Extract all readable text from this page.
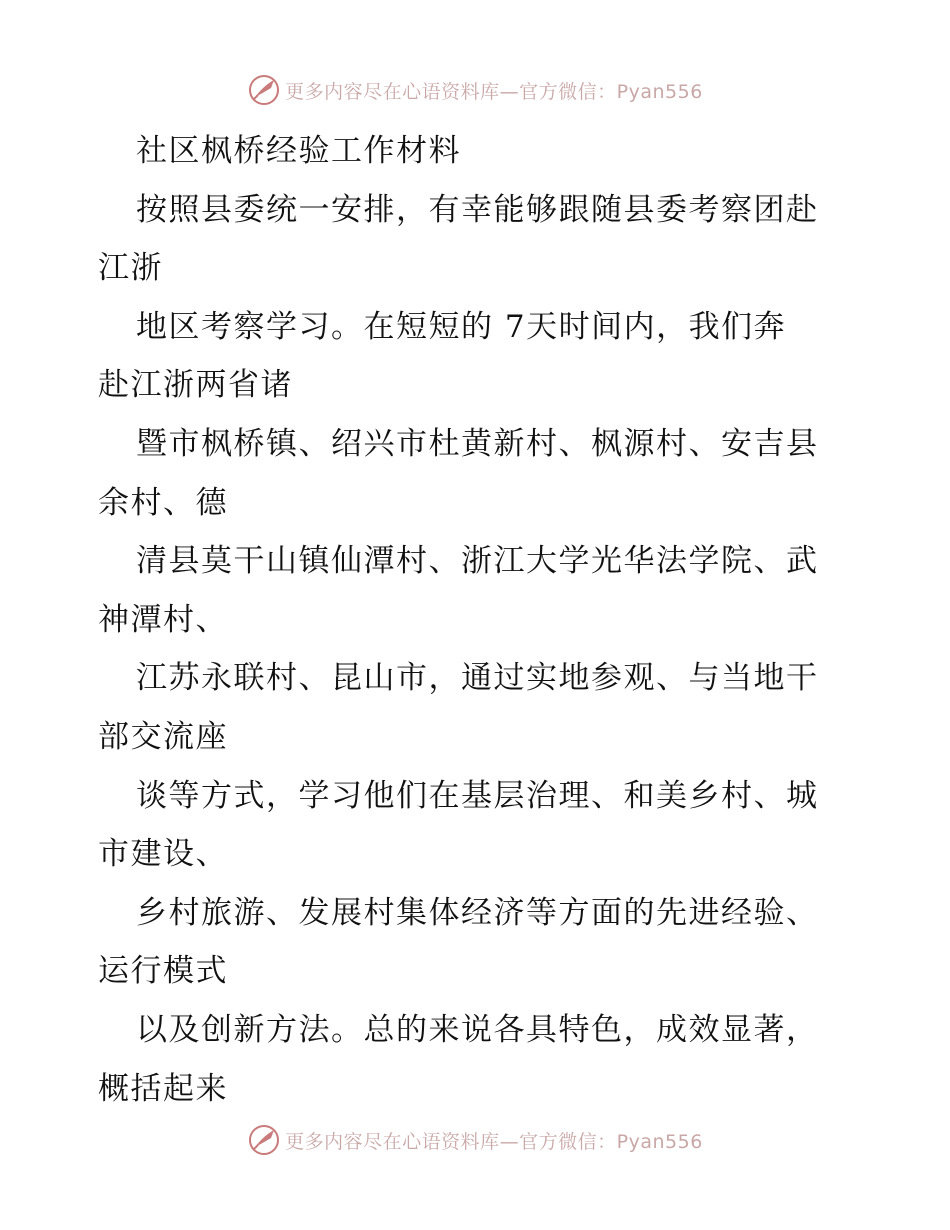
更多内容尽在心语资料库—官方微信：Pyan556
社区枫桥经验工作材料
按照县委统一安排，有幸能够跟随县委考察团赴
江浙
地区考察学习。在短短的 7天时间内，我们奔
赴江浙两省诸
暨市枫桥镇、绍兴市杜黄新村、枫源村、安吉县
余村、德
清县莫干山镇仙潭村、浙江大学光华法学院、武
神潭村、
江苏永联村、昆山市，通过实地参观、与当地干
部交流座
谈等方式，学习他们在基层治理、和美乡村、城
市建设、
乡村旅游、发展村集体经济等方面的先进经验、
运行模式
以及创新方法。总的来说各具特色，成效显著，
概括起来
更多内容尽在心语资料库—官方微信：Pyan556
